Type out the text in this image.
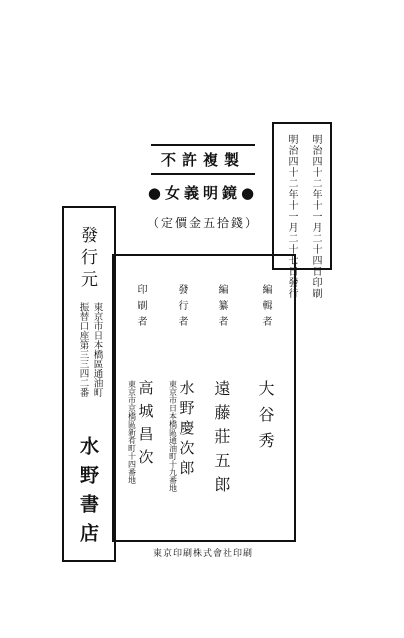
明治四十二年十一月二十四日印刷
明治四十二年十一月二十七日發行
不許複製
●女義明鏡●
（定價金五拾錢）
發行元
東京市日本橋區通油町
振替口座第三三四二番
水野書店
編輯者
大谷秀
編纂者
遠藤莊五郎
發行者
水野慶次郎
東京市日本橋區通油町十九番地
印刷者
高城昌次
東京市京橋區新肴町十四番地
東京印刷株式會社印刷
